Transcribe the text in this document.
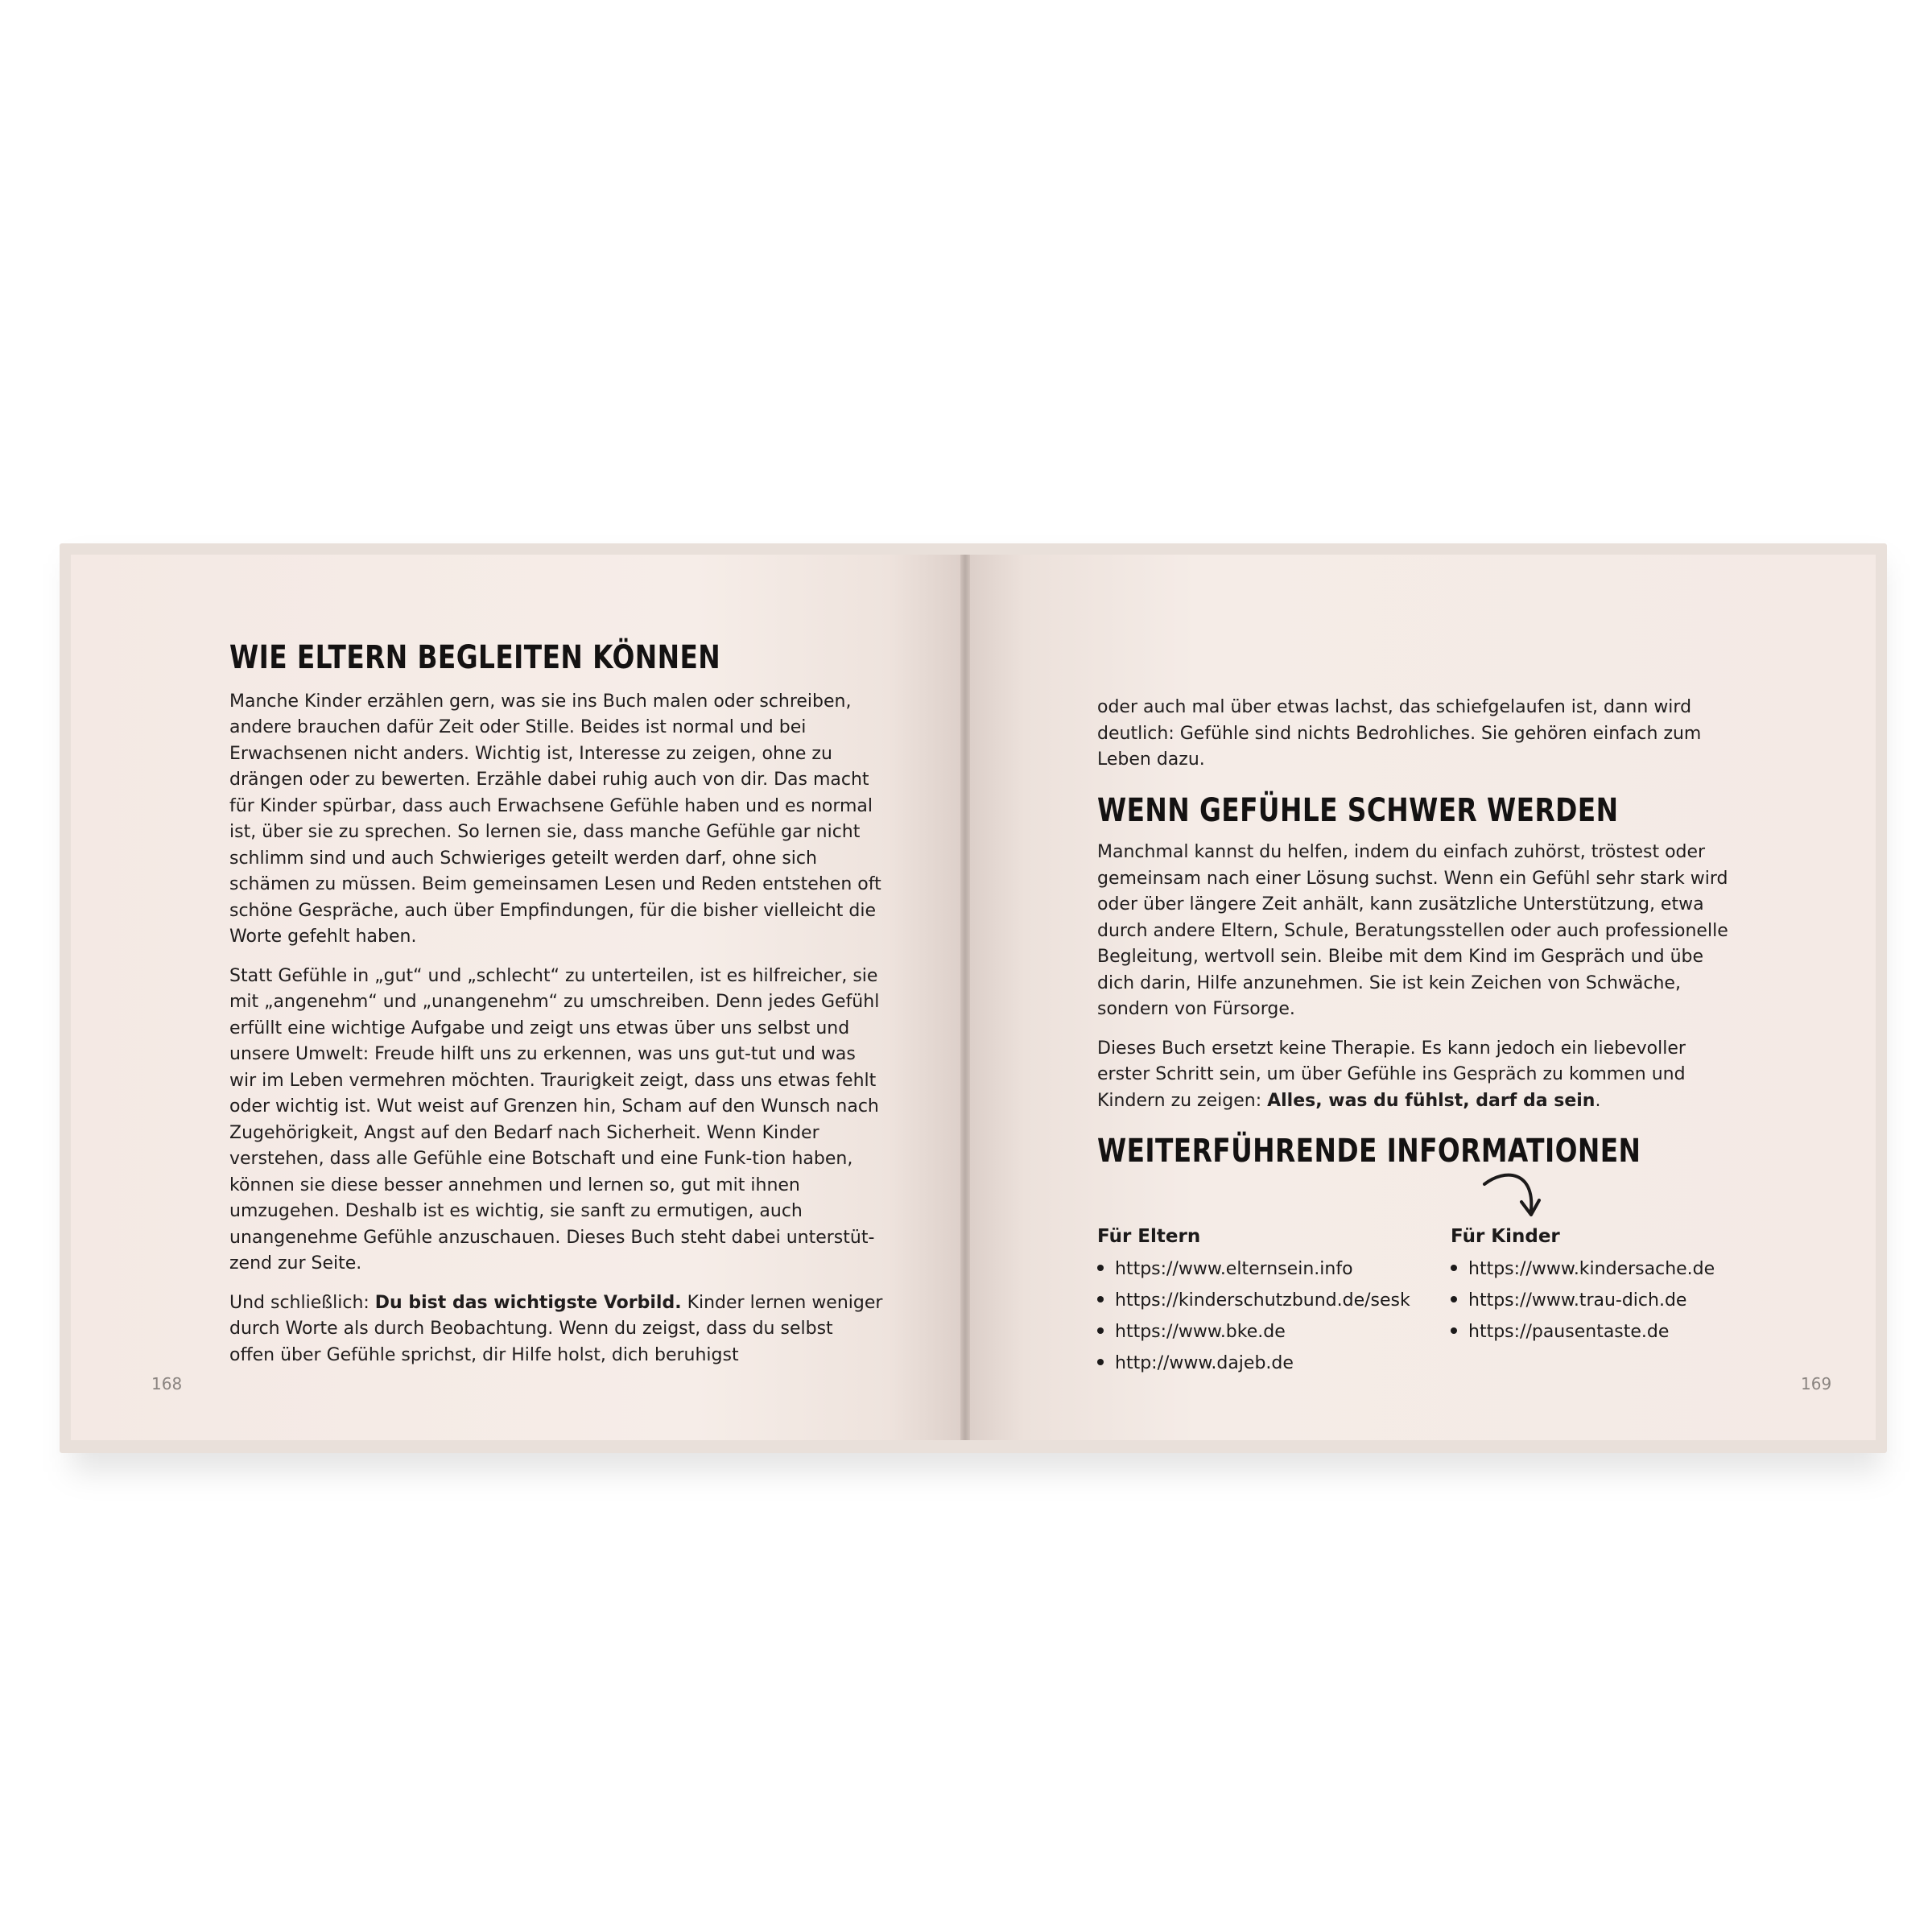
WIE ELTERN BEGLEITEN KÖNNEN

Manche Kinder erzählen gern, was sie ins Buch malen oder schreiben, andere brauchen dafür Zeit oder Stille. Beides ist normal und bei Erwachsenen nicht anders. Wichtig ist, Interesse zu zeigen, ohne zu drängen oder zu bewerten. Erzähle dabei ruhig auch von dir. Das macht für Kinder spürbar, dass auch Erwachsene Gefühle haben und es normal ist, über sie zu sprechen. So lernen sie, dass manche Gefühle gar nicht schlimm sind und auch Schwieriges geteilt werden darf, ohne sich schämen zu müssen. Beim gemeinsamen Lesen und Reden entstehen oft schöne Gespräche, auch über Empfindungen, für die bisher vielleicht die Worte gefehlt haben.

Statt Gefühle in „gut“ und „schlecht“ zu unterteilen, ist es hilfreicher, sie mit „angenehm“ und „unangenehm“ zu umschreiben. Denn jedes Gefühl erfüllt eine wichtige Aufgabe und zeigt uns etwas über uns selbst und unsere Umwelt: Freude hilft uns zu erkennen, was uns gut-tut und was wir im Leben vermehren möchten. Traurigkeit zeigt, dass uns etwas fehlt oder wichtig ist. Wut weist auf Grenzen hin, Scham auf den Wunsch nach Zugehörigkeit, Angst auf den Bedarf nach Sicherheit. Wenn Kinder verstehen, dass alle Gefühle eine Botschaft und eine Funk-tion haben, können sie diese besser annehmen und lernen so, gut mit ihnen umzugehen. Deshalb ist es wichtig, sie sanft zu ermutigen, auch unangenehme Gefühle anzuschauen. Dieses Buch steht dabei unterstüt-zend zur Seite.

Und schließlich: Du bist das wichtigste Vorbild. Kinder lernen weniger durch Worte als durch Beobachtung. Wenn du zeigst, dass du selbst offen über Gefühle sprichst, dir Hilfe holst, dich beruhigst

168

oder auch mal über etwas lachst, das schiefgelaufen ist, dann wird deutlich: Gefühle sind nichts Bedrohliches. Sie gehören einfach zum Leben dazu.

WENN GEFÜHLE SCHWER WERDEN

Manchmal kannst du helfen, indem du einfach zuhörst, tröstest oder gemeinsam nach einer Lösung suchst. Wenn ein Gefühl sehr stark wird oder über längere Zeit anhält, kann zusätzliche Unterstützung, etwa durch andere Eltern, Schule, Beratungsstellen oder auch professionelle Begleitung, wertvoll sein. Bleibe mit dem Kind im Gespräch und übe dich darin, Hilfe anzunehmen. Sie ist kein Zeichen von Schwäche, sondern von Fürsorge.

Dieses Buch ersetzt keine Therapie. Es kann jedoch ein liebevoller erster Schritt sein, um über Gefühle ins Gespräch zu kommen und Kindern zu zeigen: Alles, was du fühlst, darf da sein.

WEITERFÜHRENDE INFORMATIONEN
Für Eltern
https://www.elternsein.info
https://kinderschutzbund.de/sesk
https://www.bke.de
http://www.dajeb.de
Für Kinder
https://www.kindersache.de
https://www.trau-dich.de
https://pausentaste.de
169
